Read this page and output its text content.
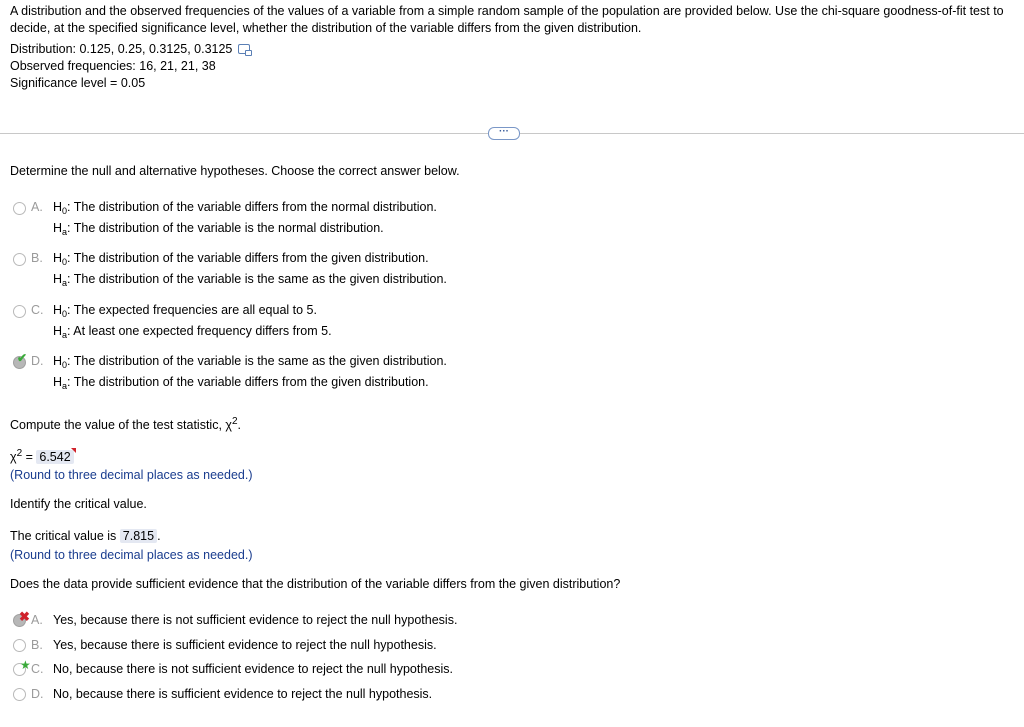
A distribution and the observed frequencies of the values of a variable from a simple random sample of the population are provided below. Use the chi-square goodness-of-fit test to decide, at the specified significance level, whether the distribution of the variable differs from the given distribution.
Distribution: 0.125, 0.25, 0.3125, 0.3125
Observed frequencies: 16, 21, 21, 38
Significance level = 0.05
···
Determine the null and alternative hypotheses. Choose the correct answer below.
A. $H_0$: The distribution of the variable differs from the normal distribution.
$H_a$: The distribution of the variable is the normal distribution.
B. $H_0$: The distribution of the variable differs from the given distribution.
$H_a$: The distribution of the variable is the same as the given distribution.
C. $H_0$: The expected frequencies are all equal to 5.
$H_a$: At least one expected frequency differs from 5.
✔ D. $H_0$: The distribution of the variable is the same as the given distribution.
$H_a$: The distribution of the variable differs from the given distribution.
Compute the value of the test statistic, $\chi^2$.
$\chi^2 = 6.542$
(Round to three decimal places as needed.)
Identify the critical value.
The critical value is 7.815 .
(Round to three decimal places as needed.)
Does the data provide sufficient evidence that the distribution of the variable differs from the given distribution?
✖ A. Yes, because there is not sufficient evidence to reject the null hypothesis.
B. Yes, because there is sufficient evidence to reject the null hypothesis.
★ C. No, because there is not sufficient evidence to reject the null hypothesis.
D. No, because there is sufficient evidence to reject the null hypothesis.
